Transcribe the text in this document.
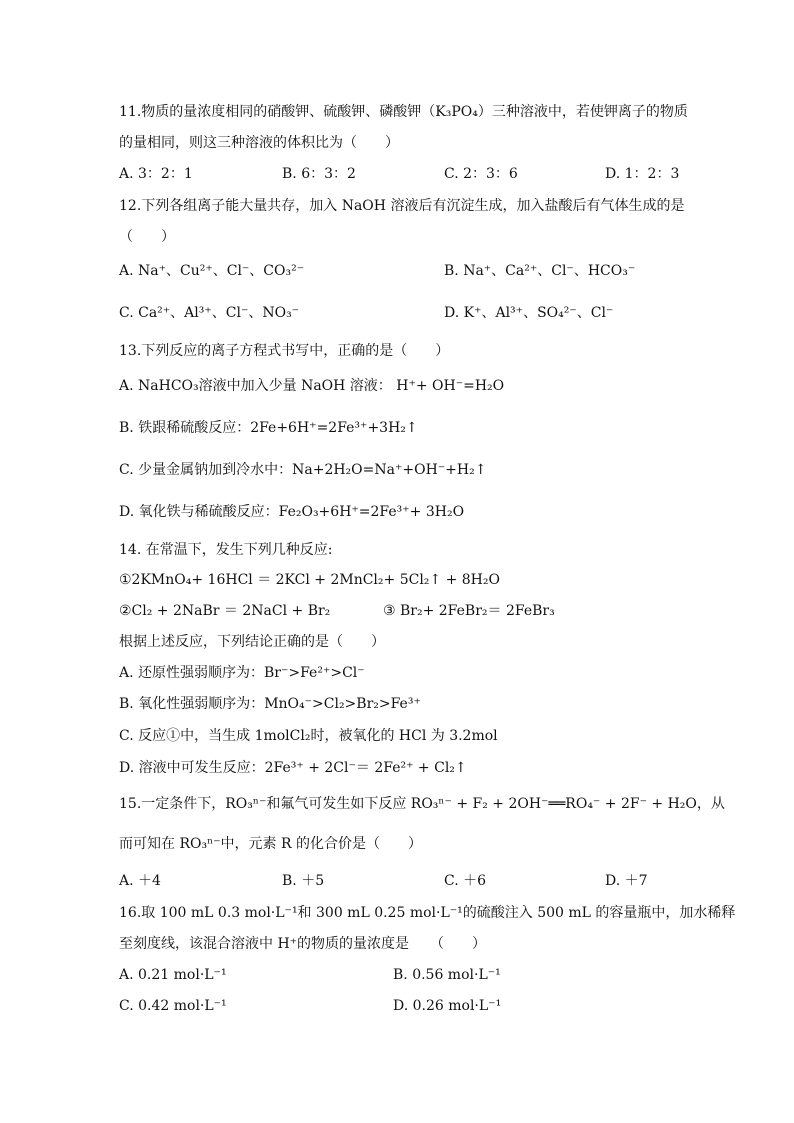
11.物质的量浓度相同的硝酸钾、硫酸钾、磷酸钾（K₃PO₄）三种溶液中，若使钾离子的物质
的量相同，则这三种溶液的体积比为（　　）
A. 3：2：1	B. 6：3：2	C. 2：3：6	D. 1：2：3
12.下列各组离子能大量共存，加入 NaOH 溶液后有沉淀生成，加入盐酸后有气体生成的是
（　　）
A. Na⁺、Cu²⁺、Cl⁻、CO₃²⁻	B. Na⁺、Ca²⁺、Cl⁻、HCO₃⁻
C. Ca²⁺、Al³⁺、Cl⁻、NO₃⁻	D. K⁺、Al³⁺、SO₄²⁻、Cl⁻
13.下列反应的离子方程式书写中，正确的是（　　）
A. NaHCO₃溶液中加入少量 NaOH 溶液： H⁺+ OH⁻=H₂O
B. 铁跟稀硫酸反应：2Fe+6H⁺=2Fe³⁺+3H₂↑
C. 少量金属钠加到冷水中：Na+2H₂O=Na⁺+OH⁻+H₂↑
D. 氧化铁与稀硫酸反应：Fe₂O₃+6H⁺=2Fe³⁺+ 3H₂O
14. 在常温下，发生下列几种反应:
①2KMnO₄+ 16HCl ＝ 2KCl + 2MnCl₂+ 5Cl₂↑ + 8H₂O
②Cl₂ + 2NaBr ＝ 2NaCl + Br₂	③ Br₂+ 2FeBr₂＝ 2FeBr₃
根据上述反应，下列结论正确的是（　　）
A. 还原性强弱顺序为：Br⁻>Fe²⁺>Cl⁻
B. 氧化性强弱顺序为：MnO₄⁻>Cl₂>Br₂>Fe³⁺
C. 反应①中，当生成 1molCl₂时，被氧化的 HCl 为 3.2mol
D. 溶液中可发生反应：2Fe³⁺ + 2Cl⁻＝ 2Fe²⁺ + Cl₂↑
15.一定条件下，RO₃ⁿ⁻和氟气可发生如下反应 RO₃ⁿ⁻ + F₂ + 2OH⁻══RO₄⁻ + 2F⁻ + H₂O，从
而可知在 RO₃ⁿ⁻中，元素 R 的化合价是（　　）
A. ＋4	B. ＋5	C. ＋6	D. ＋7
16.取 100 mL 0.3 mol·L⁻¹和 300 mL 0.25 mol·L⁻¹的硫酸注入 500 mL 的容量瓶中，加水稀释
至刻度线，该混合溶液中 H⁺的物质的量浓度是　　（　　）
A. 0.21 mol·L⁻¹	B. 0.56 mol·L⁻¹
C. 0.42 mol·L⁻¹	D. 0.26 mol·L⁻¹
